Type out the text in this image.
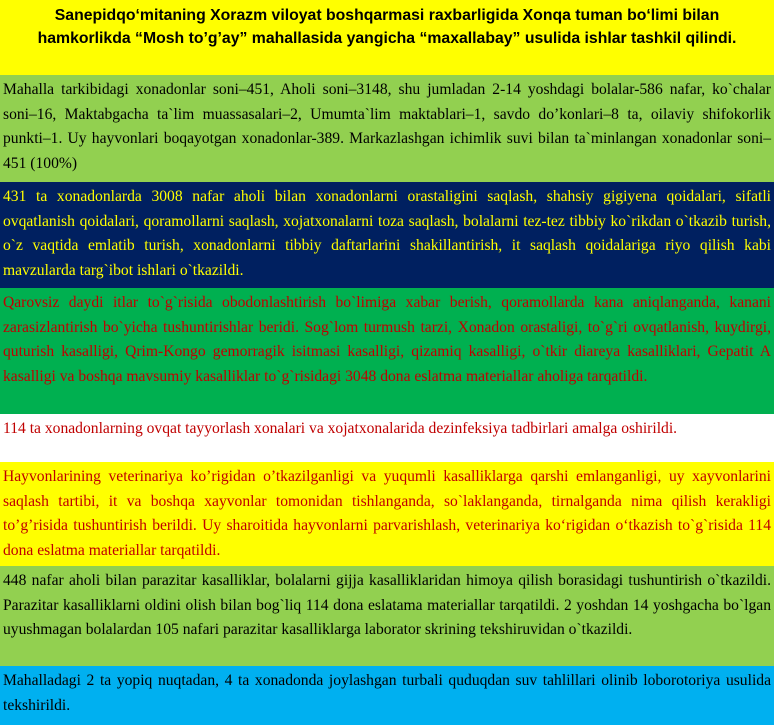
Sanepidqo‘mitaning Xorazm viloyat boshqarmasi raxbarligida Xonqa tuman bo‘limi bilan hamkorlikda “Mosh to’g’ay” mahallasida yangicha “maxallabay” usulida ishlar tashkil qilindi.
Mahalla tarkibidagi xonadonlar soni–451, Aholi soni–3148, shu jumladan 2-14 yoshdagi bolalar-586 nafar, ko`chalar soni–16, Maktabgacha ta`lim muassasalari–2, Umumta`lim maktablari–1, savdo do’konlari–8 ta, oilaviy shifokorlik punkti–1. Uy hayvonlari boqayotgan xonadonlar-389. Markazlashgan ichimlik suvi bilan ta`minlangan xonadonlar soni–451 (100%)
431 ta xonadonlarda 3008 nafar aholi bilan xonadonlarni orastaligini saqlash, shahsiy gigiyena qoidalari, sifatli ovqatlanish qoidalari, qoramollarni saqlash, xojatxonalarni toza saqlash, bolalarni tez-tez tibbiy ko`rikdan o`tkazib turish, o`z vaqtida emlatib turish, xonadonlarni tibbiy daftarlarini shakillantirish, it saqlash qoidalariga riyo qilish kabi mavzularda targ`ibot ishlari o`tkazildi.
Qarovsiz daydi itlar to`g`risida obodonlashtirish bo`limiga xabar berish, qoramollarda kana aniqlanganda, kanani zarasizlantirish bo`yicha tushuntirishlar beridi. Sog`lom turmush tarzi, Xonadon orastaligi, to`g`ri ovqatlanish, kuydirgi, quturish kasalligi, Qrim-Kongo gemorragik isitmasi kasalligi, qizamiq kasalligi, o`tkir diareya kasalliklari, Gepatit A kasalligi va boshqa mavsumiy kasalliklar to`g`risidagi 3048 dona eslatma materiallar aholiga tarqatildi.
114 ta xonadonlarning ovqat tayyorlash xonalari va xojatxonalarida dezinfeksiya tadbirlari amalga oshirildi.
Hayvonlarining veterinariya ko’rigidan o’tkazilganligi va yuqumli kasalliklarga qarshi emlanganligi, uy xayvonlarini saqlash tartibi, it va boshqa xayvonlar tomonidan tishlanganda, so`laklanganda, tirnalganda nima qilish kerakligi to’g’risida tushuntirish berildi. Uy sharoitida hayvonlarni parvarishlash, veterinariya ko‘rigidan o‘tkazish to`g`risida 114 dona eslatma materiallar tarqatildi.
448 nafar aholi bilan parazitar kasalliklar, bolalarni gijja kasalliklaridan himoya qilish borasidagi tushuntirish o`tkazildi. Parazitar kasalliklarni oldini olish bilan bog`liq 114 dona eslatama materiallar tarqatildi. 2 yoshdan 14 yoshgacha bo`lgan uyushmagan bolalardan 105 nafari parazitar kasalliklarga laborator skrining tekshiruvidan o`tkazildi.
Mahalladagi 2 ta yopiq nuqtadan, 4 ta xonadonda joylashgan turbali quduqdan suv tahlillari olinib loborotoriya usulida tekshirildi.
